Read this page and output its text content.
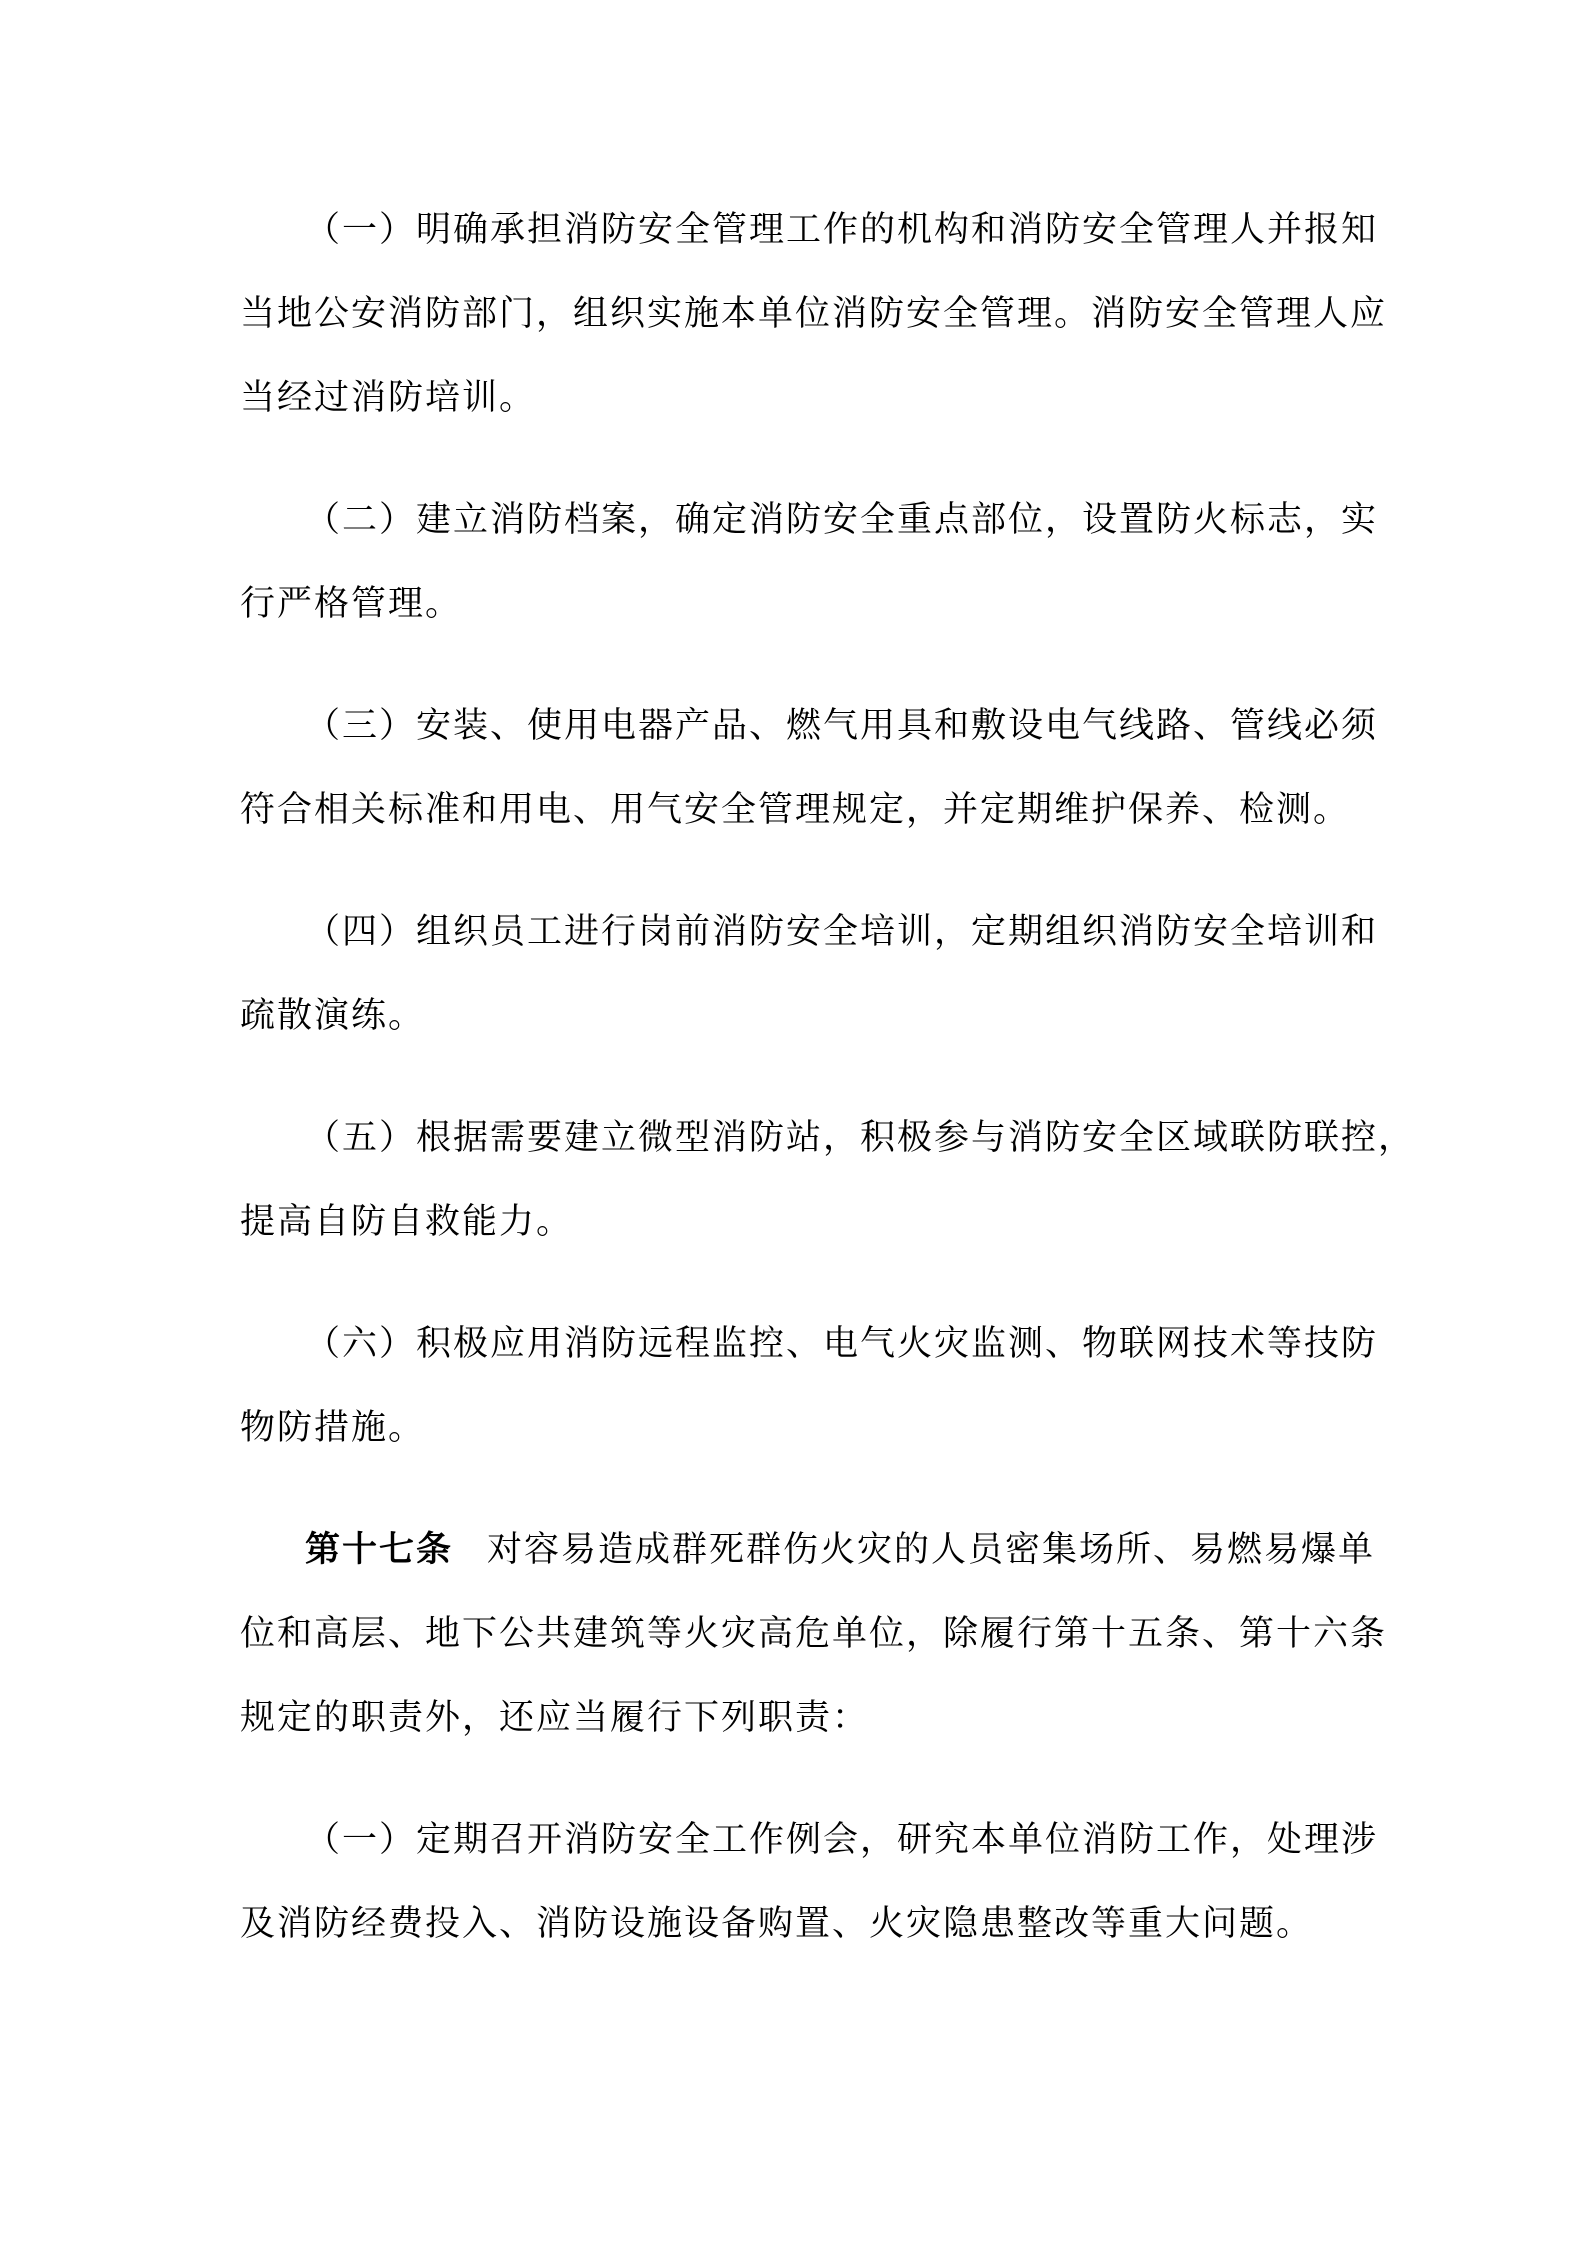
（一）明确承担消防安全管理工作的机构和消防安全管理人并报知
当地公安消防部门，组织实施本单位消防安全管理。消防安全管理人应
当经过消防培训。
（二）建立消防档案，确定消防安全重点部位，设置防火标志，实
行严格管理。
（三）安装、使用电器产品、燃气用具和敷设电气线路、管线必须
符合相关标准和用电、用气安全管理规定，并定期维护保养、检测。
（四）组织员工进行岗前消防安全培训，定期组织消防安全培训和
疏散演练。
（五）根据需要建立微型消防站，积极参与消防安全区域联防联控，
提高自防自救能力。
（六）积极应用消防远程监控、电气火灾监测、物联网技术等技防
物防措施。
第十七条 对容易造成群死群伤火灾的人员密集场所、易燃易爆单
位和高层、地下公共建筑等火灾高危单位，除履行第十五条、第十六条
规定的职责外，还应当履行下列职责：
（一）定期召开消防安全工作例会，研究本单位消防工作，处理涉
及消防经费投入、消防设施设备购置、火灾隐患整改等重大问题。
